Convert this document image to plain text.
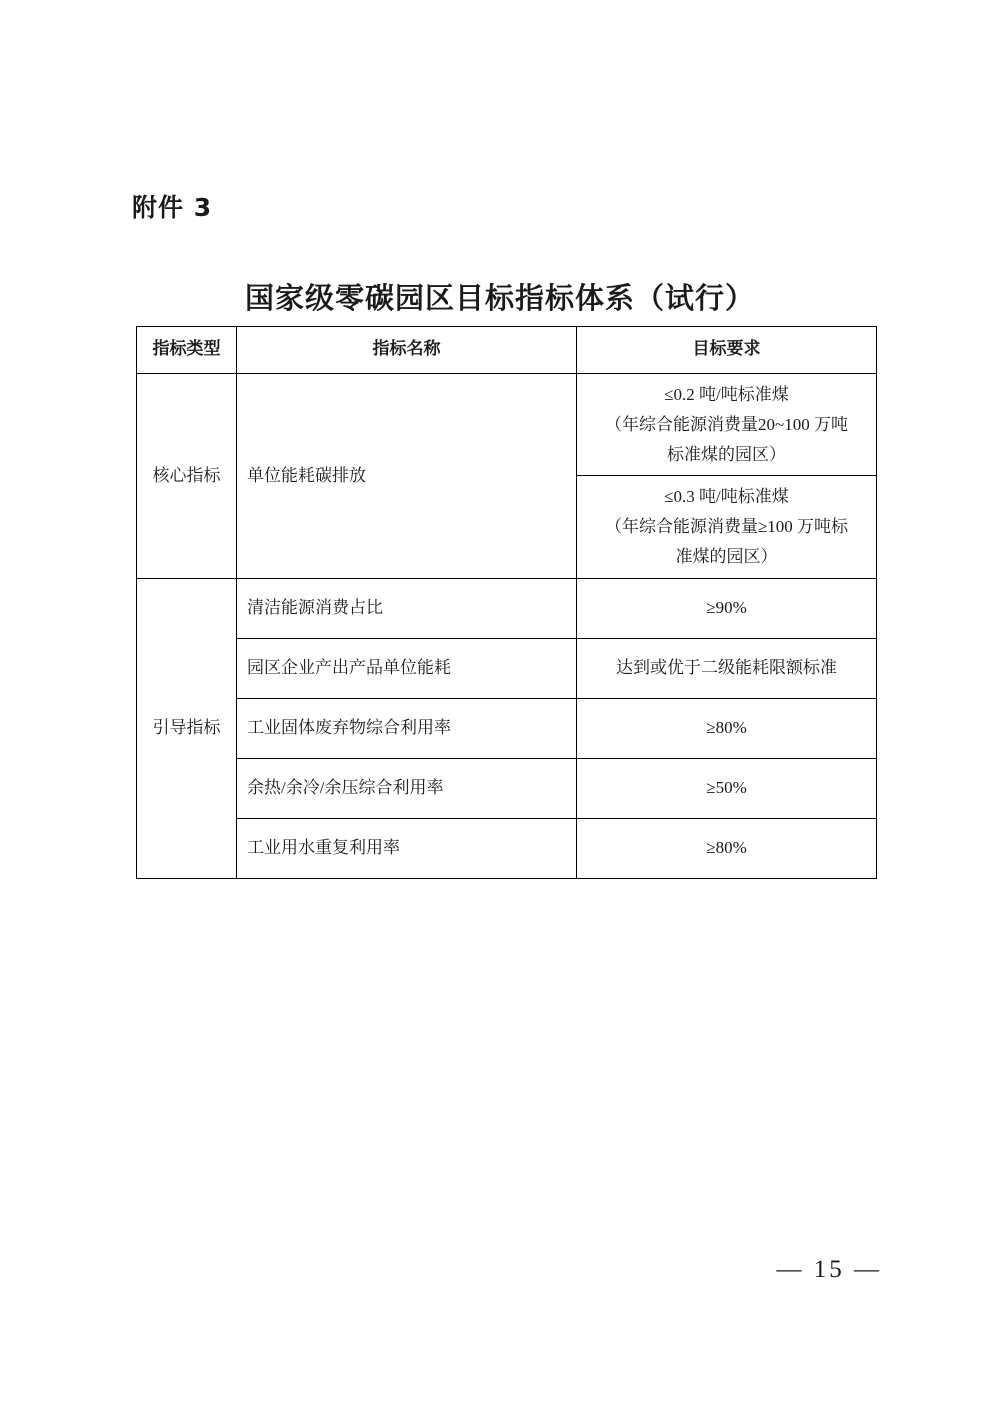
附件 3
国家级零碳园区目标指标体系（试行）
指标类型	指标名称	目标要求
核心指标	单位能耗碳排放	≤0.2 吨/吨标准煤
（年综合能源消费量20~100 万吨
标准煤的园区）

		≤0.3 吨/吨标准煤
（年综合能源消费量≥100 万吨标
准煤的园区）

引导指标	清洁能源消费占比	≥90%
	园区企业产出产品单位能耗	达到或优于二级能耗限额标准
	工业固体废弃物综合利用率	≥80%
	余热/余冷/余压综合利用率	≥50%
	工业用水重复利用率	≥80%
— 15 —
